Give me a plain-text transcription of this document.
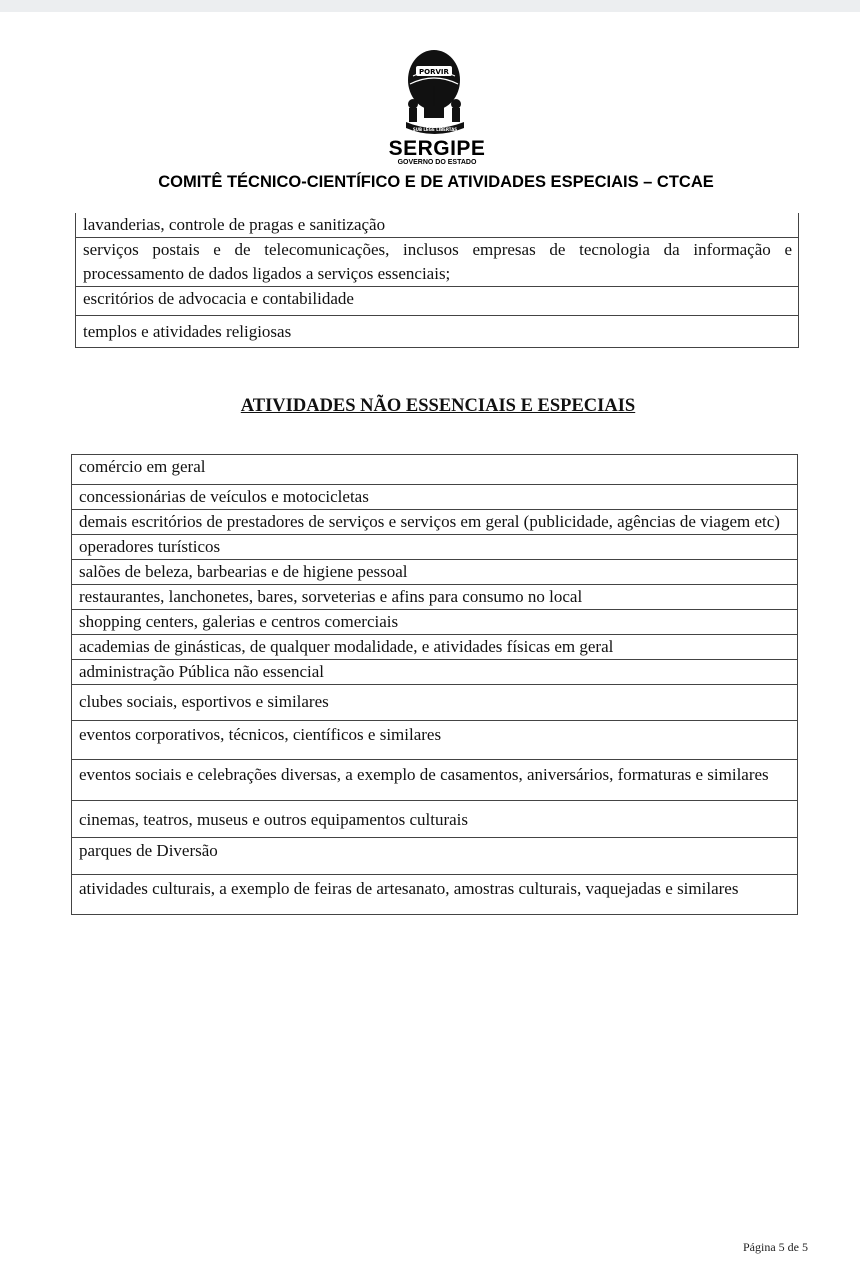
PORVIR
SUB LEGE LIBERTAS
SERGIPE
GOVERNO DO ESTADO
COMITÊ TÉCNICO-CIENTÍFICO E DE ATIVIDADES ESPECIAIS – CTCAE
lavanderias, controle de pragas e sanitização
serviços postais e de telecomunicações, inclusos empresas de tecnologia da informação e processamento de dados ligados a serviços essenciais;
escritórios de advocacia e contabilidade
templos e atividades religiosas
ATIVIDADES NÃO ESSENCIAIS E ESPECIAIS
comércio em geral
concessionárias de veículos e motocicletas
demais escritórios de prestadores de serviços e serviços em geral (publicidade, agências de viagem etc)
operadores turísticos
salões de beleza, barbearias e de higiene pessoal
restaurantes, lanchonetes, bares, sorveterias e afins para consumo no local
shopping centers, galerias e centros comerciais
academias de ginásticas, de qualquer modalidade, e atividades físicas em geral
administração Pública não essencial
clubes sociais, esportivos e similares
eventos corporativos, técnicos, científicos e similares
eventos sociais e celebrações diversas, a exemplo de casamentos, aniversários, formaturas e similares
cinemas, teatros, museus e outros equipamentos culturais
parques de Diversão
atividades culturais, a exemplo de feiras de artesanato, amostras culturais, vaquejadas e similares
Página 5 de 5
